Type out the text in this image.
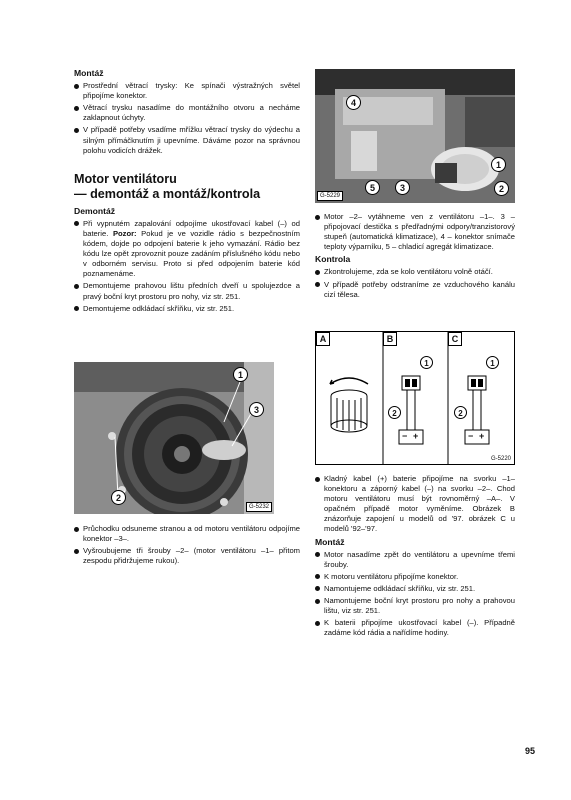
Montáž
Prostřední větrací trysky: Ke spínači výstražných světel připojíme konektor.
Větrací trysku nasadíme do montážního otvoru a necháme zaklapnout úchyty.
V případě potřeby vsadíme mřížku větrací trysky do výdechu a silným přímáčknutím ji upevníme. Dáváme pozor na správnou polohu vodicích drážek.
Motor ventilátoru
— demontáž a montáž/kontrola
Demontáž
Při vypnutém zapalování odpojíme ukostřovací kabel (–) od baterie. Pozor: Pokud je ve vozidle rádio s bezpečnostním kódem, dojde po odpojení baterie k jeho vymazání. Rádio bez kódu lze opět zprovoznit pouze zadáním příslušného kódu nebo v odborném servisu. Proto si před odpojením baterie kód poznamenáme.
Demontujeme prahovou lištu předních dveří u spolujezdce a pravý boční kryt prostoru pro nohy, viz str. 251.
Demontujeme odkládací skříňku, viz str. 251.
1
3
2
G-5232
Průchodku odsuneme stranou a od motoru ventilátoru odpojíme konektor –3–.
Vyšroubujeme tři šrouby –2– (motor ventilátoru –1– přitom zespodu přidržujeme rukou).
4
1
5	3	2
G-5229
Motor –2– vytáhneme ven z ventilátoru –1–. 3 – připojovací destička s předřadnými odpory/tranzistorový stupeň (automatická klimatizace), 4 – konektor snímače teploty výparníku, 5 – chladicí agregát klimatizace.
Kontrola
Zkontrolujeme, zda se kolo ventilátoru volně otáčí.
V případě potřeby odstraníme ze vzduchového kanálu cizí tělesa.
A	B	C
1
2
1
2
− +	− +
G-5220
Kladný kabel (+) baterie připojíme na svorku –1– konektoru a záporný kabel (–) na svorku –2–. Chod motoru ventilátoru musí být rovnoměrný –A–. V opačném případě motor vyměníme. Obrázek B znázorňuje zapojení u modelů od '97. obrázek C u modelů '92–'97.
Montáž
Motor nasadíme zpět do ventilátoru a upevníme třemi šrouby.
K motoru ventilátoru připojíme konektor.
Namontujeme odkládací skříňku, viz str. 251.
Namontujeme boční kryt prostoru pro nohy a prahovou lištu, viz str. 251.
K baterii připojíme ukostřovací kabel (–). Případně zadáme kód rádia a nařídíme hodiny.
95
